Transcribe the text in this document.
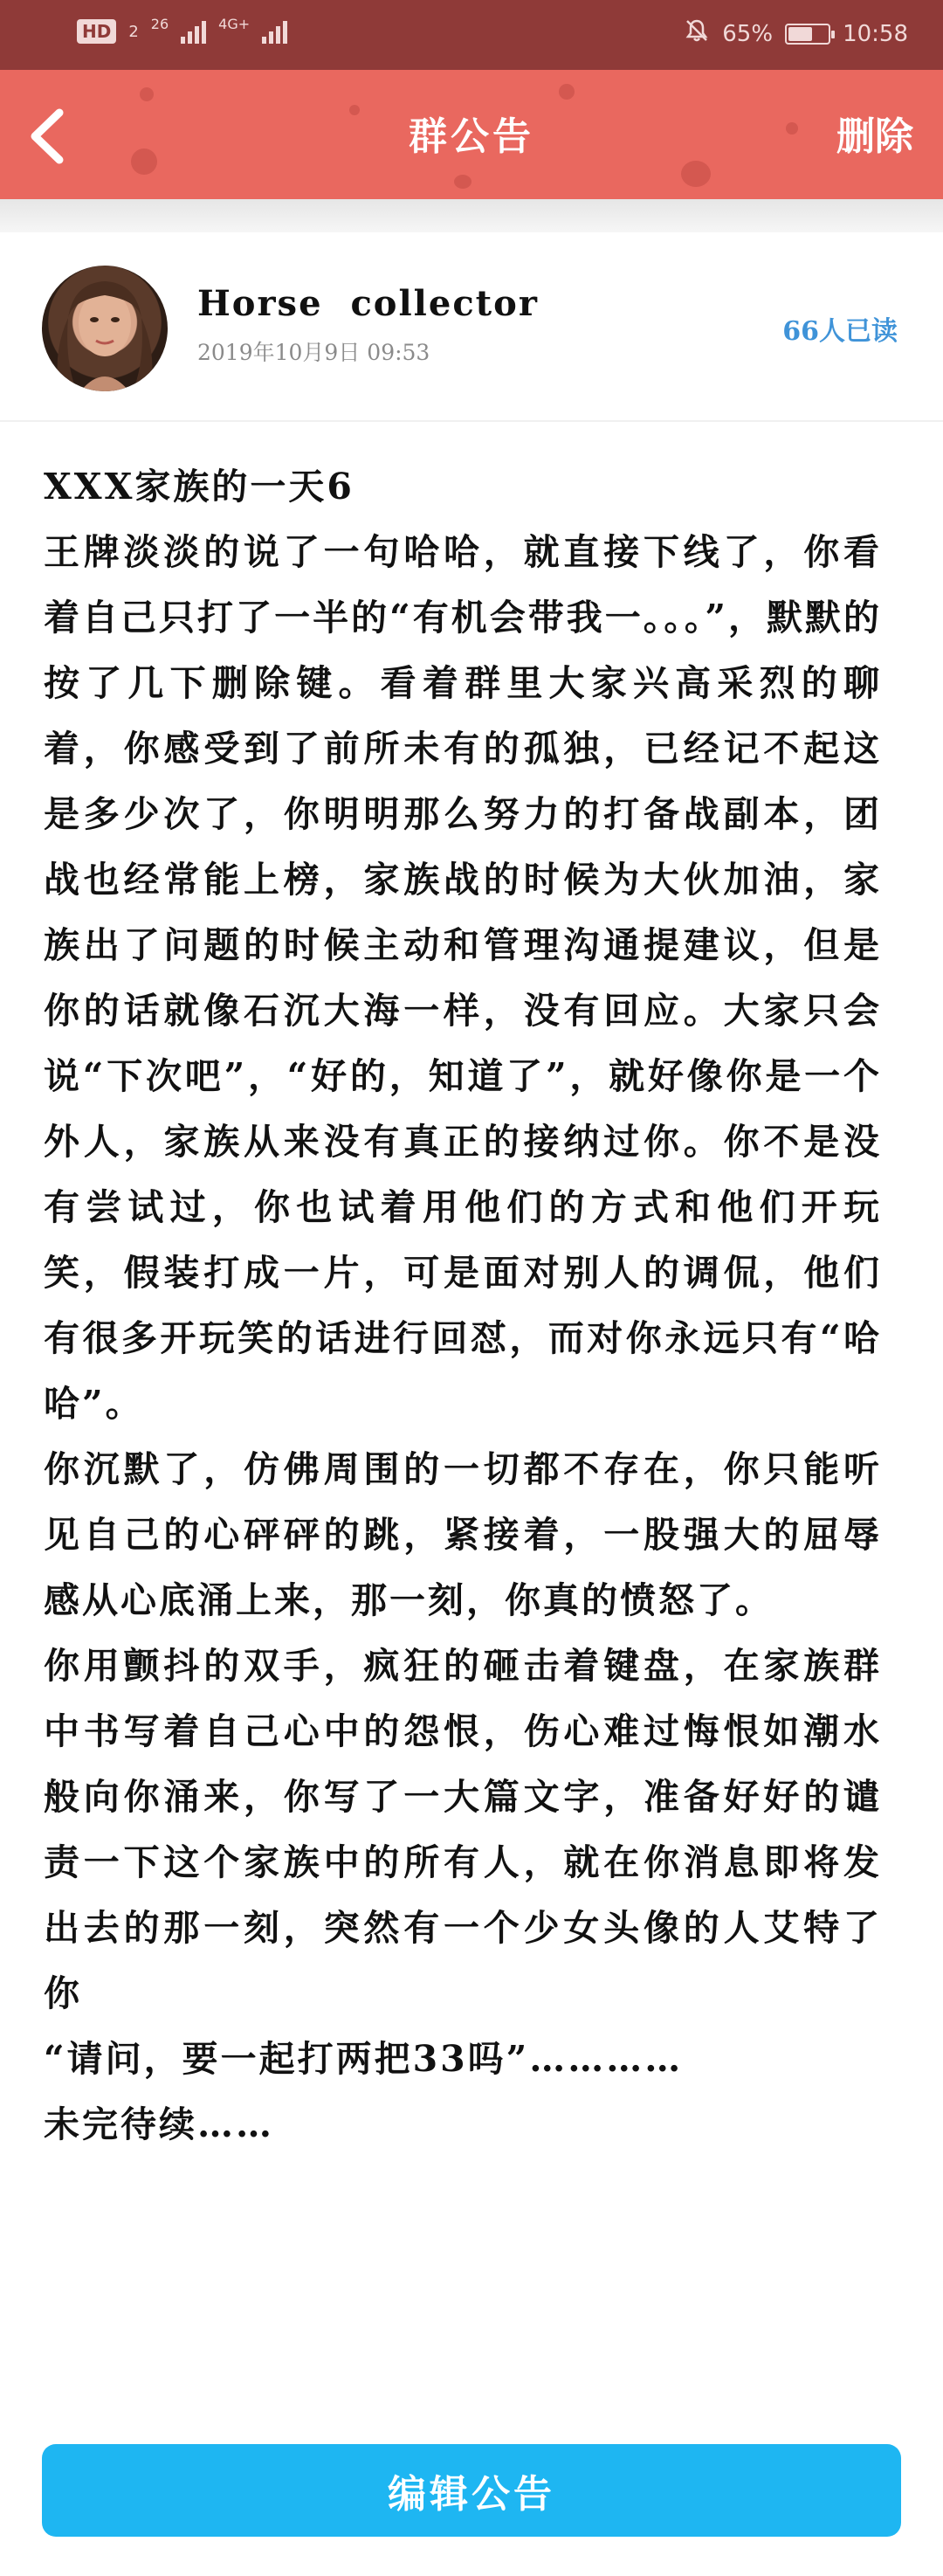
HD	2 26	4G+	65%	10:58
群公告	删除
Horse collector
2019年10月9日 09:53
66人已读

XXX家族的一天6

王牌淡淡的说了一句哈哈，就直接下线了，你看着自己只打了一半的“有机会带我一。。。”，默默的按了几下删除键。看着群里大家兴高采烈的聊着，你感受到了前所未有的孤独，已经记不起这是多少次了，你明明那么努力的打备战副本，团战也经常能上榜，家族战的时候为大伙加油，家族出了问题的时候主动和管理沟通提建议，但是你的话就像石沉大海一样，没有回应。大家只会说“下次吧”，“好的，知道了”，就好像你是一个外人，家族从来没有真正的接纳过你。你不是没有尝试过，你也试着用他们的方式和他们开玩笑，假装打成一片，可是面对别人的调侃，他们有很多开玩笑的话进行回怼，而对你永远只有“哈哈”。

你沉默了，仿佛周围的一切都不存在，你只能听见自己的心砰砰的跳，紧接着，一股强大的屈辱感从心底涌上来，那一刻，你真的愤怒了。

你用颤抖的双手，疯狂的砸击着键盘，在家族群中书写着自己心中的怨恨，伤心难过悔恨如潮水般向你涌来，你写了一大篇文字，准备好好的谴责一下这个家族中的所有人，就在你消息即将发出去的那一刻，突然有一个少女头像的人艾特了你

“请问，要一起打两把33吗”…………

未完待续……

编辑公告
